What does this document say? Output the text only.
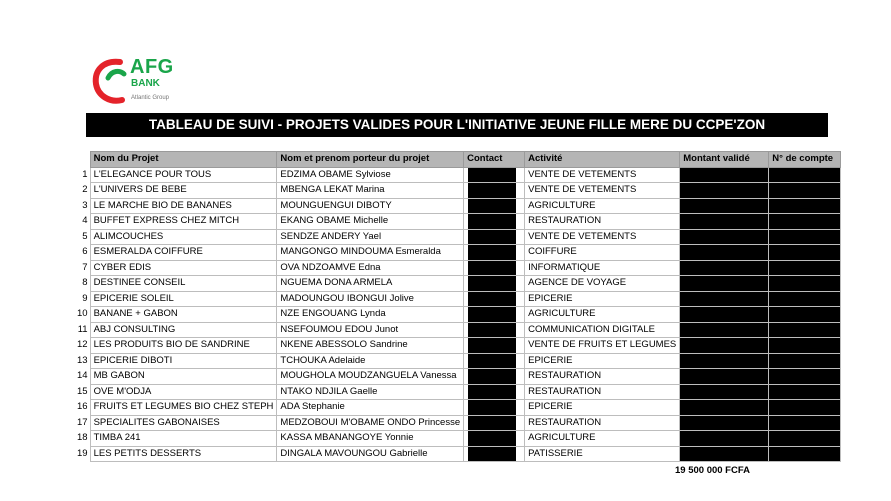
AFG
BANK
Atlantic Group
TABLEAU DE SUIVI - PROJETS VALIDES POUR L'INITIATIVE JEUNE FILLE MERE DU CCPE'ZON
	Nom du Projet	Nom et prenom porteur du projet	Contact	Activité	Montant validé	N° de compte
1	L'ELEGANCE POUR TOUS	EDZIMA OBAME Sylviose		VENTE DE VETEMENTS		
2	L'UNIVERS DE BEBE	MBENGA LEKAT Marina		VENTE DE VETEMENTS		
3	LE MARCHE BIO DE BANANES	MOUNGUENGUI DIBOTY		AGRICULTURE		
4	BUFFET EXPRESS CHEZ MITCH	EKANG OBAME Michelle		RESTAURATION		
5	ALIMCOUCHES	SENDZE ANDERY Yael		VENTE DE VETEMENTS		
6	ESMERALDA COIFFURE	MANGONGO MINDOUMA Esmeralda		COIFFURE		
7	CYBER EDIS	OVA NDZOAMVE Edna		INFORMATIQUE		
8	DESTINEE CONSEIL	NGUEMA DONA ARMELA		AGENCE DE VOYAGE		
9	EPICERIE SOLEIL	MADOUNGOU IBONGUI Jolive		EPICERIE		
10	BANANE + GABON	NZE ENGOUANG Lynda		AGRICULTURE		
11	ABJ CONSULTING	NSEFOUMOU EDOU Junot		COMMUNICATION DIGITALE		
12	LES PRODUITS BIO DE SANDRINE	NKENE ABESSOLO Sandrine		VENTE DE FRUITS ET LEGUMES		
13	EPICERIE DIBOTI	TCHOUKA Adelaide		EPICERIE		
14	MB GABON	MOUGHOLA MOUDZANGUELA Vanessa		RESTAURATION		
15	OVE M'ODJA	NTAKO NDJILA Gaelle		RESTAURATION		
16	FRUITS ET LEGUMES BIO CHEZ STEPH	ADA Stephanie		EPICERIE		
17	SPECIALITES GABONAISES	MEDZOBOUI M'OBAME ONDO Princesse		RESTAURATION		
18	TIMBA 241	KASSA MBANANGOYE Yonnie		AGRICULTURE		
19	LES PETITS DESSERTS	DINGALA MAVOUNGOU Gabrielle		PATISSERIE		
19 500 000 FCFA
